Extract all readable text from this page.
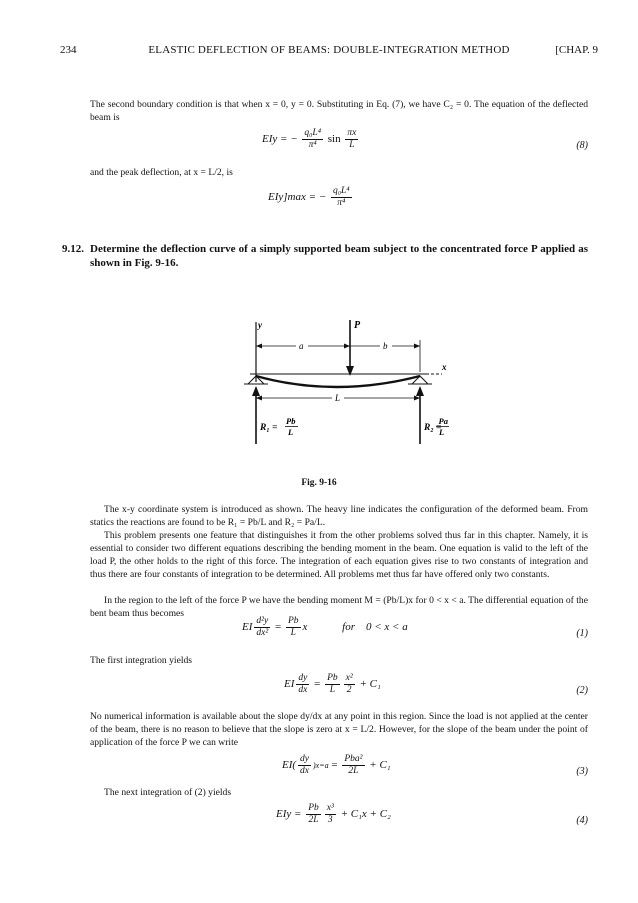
234	ELASTIC DEFLECTION OF BEAMS: DOUBLE-INTEGRATION METHOD	[CHAP. 9

The second boundary condition is that when x = 0, y = 0. Substituting in Eq. (7), we have C₂ = 0. The equation of the deflected beam is

EIy = − $\frac{\text{q₀L⁴}}{\text{π⁴}}$ $\sin \frac{\pi x}{L}$	(8)

and the peak deflection, at x = L/2, is

EIy]max = − $\frac{\text{q₀L⁴}}{\text{π⁴}}$
9.12. Determine the deflection curve of a simply supported beam subject to the concentrated force P applied as shown in Fig. 9-16.
y	P
a	b
x
L
R₁ =
Pb
L	R₂ =
Pa
L
Fig. 9-16

The x-y coordinate system is introduced as shown. The heavy line indicates the configuration of the deformed beam. From statics the reactions are found to be R₁ = Pb/L and R₂ = Pa/L.

This problem presents one feature that distinguishes it from the other problems solved thus far in this chapter. Namely, it is essential to consider two different equations describing the bending moment in the beam. One equation is valid to the left of the load P, the other holds to the right of this force. The integration of each equation gives rise to two constants of integration and thus there are four constants of integration to be determined. All problems met thus far have offered only two constants.

In the region to the left of the force P we have the bending moment M = (Pb/L)x for 0 < x < a. The differential equation of the bent beam thus becomes

EI $\frac{\text{d²y}}{\text{dx²}} = \frac{Pb}{L}$ x	for    0 < x < a
(1)

The first integration yields

EI $\frac{dy}{dx} = \frac{Pb}{L} \frac{\text{x²}}{2} + C_1$
(2)

No numerical information is available about the slope dy/dx at any point in this region. Since the load is not applied at the center of the beam, there is no reason to believe that the slope is zero at x = L/2. However, for the slope of the beam under the point of application of the force P we can write

$EI( \frac{dy}{dx} )x=a = \frac{\text{Pba²}}{2L} + C_1$
(3)

The next integration of (2) yields

EIy = $\frac{Pb}{2L} \frac{\text{x³}}{3} + C_1x + C_2$
(4)
